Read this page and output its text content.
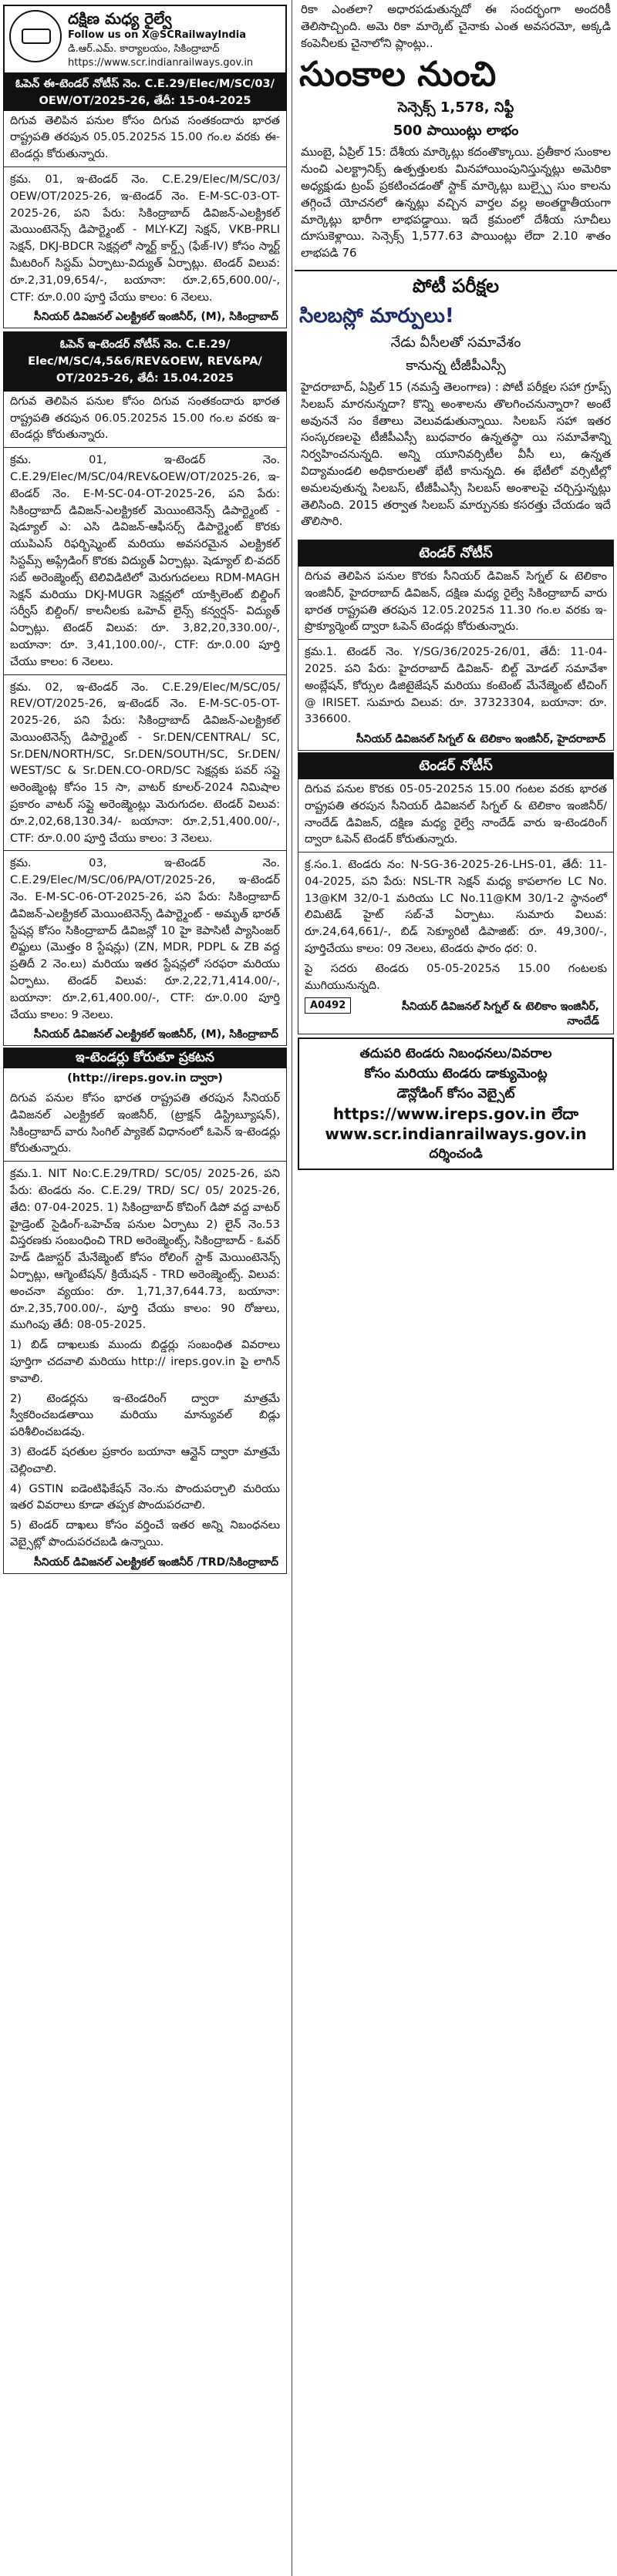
దక్షిణ మధ్య రైల్వే
Follow us on X@SCRailwayIndia
డి.ఆర్.ఎమ్. కార్యాలయం, సికింద్రాబాద్
https://www.scr.indianrailways.gov.in
ఓపెన్ ఈ-టెండర్ నోటీస్ నెం. C.E.29/Elec/M/SC/03/ OEW/OT/2025-26, తేదీ: 15-04-2025
దిగువ తెలిపిన పనుల కోసం దిగువ సంతకందారు భారత రాష్ట్రపతి తరపున 05.05.2025న 15.00 గం.ల వరకు ఈ-టెండర్లు కోరుతున్నారు.
క్రమ. 01, ఇ-టెండర్ నెం. C.E.29/Elec/M/SC/03/ OEW/OT/2025-26, ఇ-టెండర్ నెం. E-M-SC-03-OT-2025-26, పని పేరు: సికింద్రాబాద్ డివిజన్-ఎలక్ట్రికల్ మెయింటెనెన్స్ డిపార్ట్మెంట్ - MLY-KZJ సెక్షన్, VKB-PRLI సెక్షన్, DKJ-BDCR సెక్షన్లలో స్మార్ట్ కార్డ్స్ (ఫేజ్-IV) కోసం స్మార్ట్ మీటరింగ్ సిస్టమ్ ఏర్పాటు-విద్యుత్ ఏర్పాట్లు. టెండర్ విలువ: రూ.2,31,09,654/-, బయానా: రూ.2,65,600.00/-, CTF: రూ.0.00 పూర్తి చేయు కాలం: 6 నెలలు.
సీనియర్ డివిజనల్ ఎలక్ట్రికల్ ఇంజినీర్, (M), సికింద్రాబాద్
ఓపెన్ ఇ-టెండర్ నోటీస్ నెం. C.E.29/ Elec/M/SC/4,5&6/REV&OEW, REV&PA/ OT/2025-26, తేదీ: 15.04.2025
దిగువ తెలిపిన పనుల కోసం దిగువ సంతకందారు భారత రాష్ట్రపతి తరపున 06.05.2025న 15.00 గం.ల వరకు ఇ-టెండర్లు కోరుతున్నారు.
క్రమ. 01, ఇ-టెండర్ నెం. C.E.29/Elec/M/SC/04/REV&OEW/OT/2025-26, ఇ-టెండర్ నెం. E-M-SC-04-OT-2025-26, పని పేరు: సికింద్రాబాద్ డివిజన్-ఎలక్ట్రికల్ మెయింటెనెన్స్ డిపార్ట్మెంట్ - షెడ్యూల్ ఎ: ఎసి డివిజన్-ఆఫీసర్స్ డిపార్ట్మెంట్ కొరకు యుపిఎస్ రిఫర్బిష్మెంట్ మరియు అవసరమైన ఎలక్ట్రికల్ సిస్టమ్స్ అప్గ్రేడింగ్ కొరకు విద్యుత్ ఏర్పాట్లు. షెడ్యూల్ బి-వదర్ సబ్ అరెంజ్మెంట్స్ టెలివిడిటిలో మెరుగుదలలు RDM-MAGH సెక్షన్ మరియు DKJ-MUGR సెక్షన్లలో యాక్సిలెంట్ బిల్డింగ్ సర్వీస్ బిల్డింగ్/ కాలనీలకు ఒహెచ్ లైన్స్ కన్వర్షన్- విద్యుత్ ఏర్పాట్లు. టెండర్ విలువ: రూ. 3,82,20,330.00/-, బయానా: రూ. 3,41,100.00/-, CTF: రూ.0.00 పూర్తి చేయు కాలం: 6 నెలలు.
క్రమ. 02, ఇ-టెండర్ నెం. C.E.29/Elec/M/SC/05/ REV/OT/2025-26, ఇ-టెండర్ నెం. E-M-SC-05-OT-2025-26, పని పేరు: సికింద్రాబాద్ డివిజన్-ఎలక్ట్రికల్ మెయింటెనెన్స్ డిపార్ట్మెంట్ - Sr.DEN/CENTRAL/ SC, Sr.DEN/NORTH/SC, Sr.DEN/SOUTH/SC, Sr.DEN/ WEST/SC & Sr.DEN.CO-ORD/SC సెక్షన్లకు పవర్ సప్లై అరెంజ్మెంట్ల కోసం 15 సా, వాటర్ కూలర్-2024 నిమిషాల ప్రకారం వాటర్ సప్లై అరెంజ్మెంట్లు మెరుగుదల. టెండర్ విలువ: రూ.2,02,68,130.34/- బయానా: రూ.2,51,400.00/-, CTF: రూ.0.00 పూర్తి చేయు కాలం: 3 నెలలు.
క్రమ. 03, ఇ-టెండర్ నెం. C.E.29/Elec/M/SC/06/PA/OT/2025-26, ఇ-టెండర్ నెం. E-M-SC-06-OT-2025-26, పని పేరు: సికింద్రాబాద్ డివిజన్-ఎలక్ట్రికల్ మెయింటెనెన్స్ డిపార్ట్మెంట్ - అమృత్ భారత్ స్టేషన్ల కోసం సికింద్రాబాద్ డివిజన్లో 10 హై కెపాసిటీ ప్యాసింజర్ లిఫ్టులు (మొత్తం 8 స్టేషన్లు) (ZN, MDR, PDPL & ZB వద్ద ప్రతిదీ 2 నెం.లు) మరియు ఇతర స్టేషన్లలో సరఫరా మరియు ఏర్పాటు. టెండర్ విలువ: రూ.2,22,71,414.00/-, బయానా: రూ.2,61,400.00/-, CTF: రూ.0.00 పూర్తి చేయు కాలం: 9 నెలలు.
సీనియర్ డివిజనల్ ఎలక్ట్రికల్ ఇంజినీర్, (M), సికింద్రాబాద్
ఇ-టెండర్లు కోరుతూ ప్రకటన
(http://ireps.gov.in ద్వారా)
దిగువ పనుల కోసం భారత రాష్ట్రపతి తరపున సీనియర్ డివిజనల్ ఎలక్ట్రికల్ ఇంజినీర్, (ట్రాక్షన్ డిస్ట్రిబ్యూషన్), సికింద్రాబాద్ వారు సింగిల్ ప్యాకెట్ విధానంలో ఓపెన్ ఇ-టెండర్లు కోరుతున్నారు.
క్రమ.1. NIT No:C.E.29/TRD/ SC/05/ 2025-26, పని పేరు: టెండరు నం. C.E.29/ TRD/ SC/ 05/ 2025-26, తేది: 07-04-2025. 1) సికింద్రాబాద్ కోచింగ్ డిపో వద్ద వాటర్ హైడ్రెంట్ సైడింగ్-ఒహెచ్ఇ పనుల ఏర్పాటు 2) లైన్ నెం.53 విస్తరణకు సంబంధించి TRD అరెంజ్మెంట్స్, సికింద్రాబాద్ - ఓవర్ హెడ్ డిజాస్టర్ మేనేజ్మెంట్ కోసం రోలింగ్ స్టాక్ మెయింటెనెన్స్ ఏర్పాట్లు, ఆగ్మెంటేషన్/ క్రియేషన్ - TRD అరెంజ్మెంట్స్. విలువ: అంచనా వ్యయం: రూ. 1,71,37,644.73, బయానా: రూ.2,35,700.00/-, పూర్తి చేయు కాలం: 90 రోజులు, ముగింపు తేదీ: 08-05-2025.
1) బిడ్ దాఖలుకు ముందు బిడ్డర్లు సంబంధిత వివరాలు పూర్తిగా చదవాలి మరియు http:// ireps.gov.in పై లాగిన్ కావాలి.
2) టెండర్లను ఇ-టెండరింగ్ ద్వారా మాత్రమే స్వీకరించబడతాయి మరియు మాన్యువల్ బిడ్లు పరిశీలించబడవు.
3) టెండర్ షరతుల ప్రకారం బయానా ఆన్లైన్ ద్వారా మాత్రమే చెల్లించాలి.
4) GSTIN ఐడెంటిఫికేషన్ నెం.ను పొందుపర్చాలి మరియు ఇతర వివరాలు కూడా తప్పక పొందుపరచాలి.
5) టెండర్ దాఖలు కోసం వర్తించే ఇతర అన్ని నిబంధనలు వెబ్సైట్లో పొందుపరచబడి ఉన్నాయి.
సీనియర్ డివిజనల్ ఎలక్ట్రికల్ ఇంజినీర్ /TRD/సికింద్రాబాద్
రికా ఎంతలా? అధారపడుతున్నదో ఈ సందర్భంగా అందరికీ తెలిసొచ్చింది. అమె రికా మార్కెట్ చైనాకు ఎంత అవసరమో, అక్కడి కంపెనీలకు చైనాలోని ప్లాంట్లు..
సుంకాల నుంచి
సెన్సెక్స్ 1,578, నిఫ్టీ
500 పాయింట్లు లాభం
ముంబై, ఏప్రిల్ 15: దేశీయ మార్కెట్లు కదంతొక్కాయి. ప్రతీకార సుంకాల నుంచి ఎలక్ట్రానిక్స్ ఉత్పత్తులకు మినహాయింపునిస్తున్నట్లు అమెరికా అధ్యక్షుడు ట్రంప్ ప్రకటించడంతో స్టాక్ మార్కెట్లు బుల్స్పై సుం కాలను తగ్గించే యోచనలో ఉన్నట్లు వచ్చిన వార్తల వల్ల అంతర్జాతీయంగా మార్కెట్లు భారీగా లాభపడ్డాయి. ఇదే క్రమంలో దేశీయ సూచీలు దూసుకెళ్లాయి. సెన్సెక్స్ 1,577.63 పాయింట్లు లేదా 2.10 శాతం లాభపడి 76
పోటీ పరీక్షల
సిలబస్లో మార్పులు!
నేడు వీసీలతో సమావేశం
కానున్న టీజీపీఎస్సీ
హైదరాబాద్, ఏప్రిల్ 15 (నమస్తే తెలంగాణ) : పోటీ పరీక్షల సహా గ్రూప్స్ సిలబస్ మారనున్నదా? కొన్ని అంశాలను తొలగించనున్నారా? అంటే అవుననే సం కేతాలు వెలువడుతున్నాయి. సిలబస్ సహా ఇతర సంస్కరణలపై టీజీపీఎస్సీ బుధవారం ఉన్నతస్థా యి సమావేశాన్ని నిర్వహించనున్నది. అన్ని యూనివర్సిటీల వీసీ లు, ఉన్నత విద్యామండలి అధికారులతో భేటీ కానున్నది. ఈ భేటీలో వర్సిటీల్లో అమలవుతున్న సిలబస్, టీజీపీఎస్సీ సిలబస్ అంశాలపై చర్చిస్తున్నట్లు తెలిసింది. 2015 తర్వాత సిలబస్ మార్పునకు కసరత్తు చేయడం ఇదే తొలిసారి.
టెండర్ నోటీస్
దిగువ తెలిపిన పనుల కొరకు సీనియర్ డివిజన్ సిగ్నల్ & టెలికాం ఇంజినీర్, హైదరాబాద్ డివిజన్, దక్షిణ మధ్య రైల్వే సికింద్రాబాద్ వారు భారత రాష్ట్రపతి తరపున 12.05.2025న 11.30 గం.ల వరకు ఇ-ప్రొక్యూర్మెంట్ ద్వారా ఓపెన్ టెండర్లు కోరుతున్నారు.
క్రమ.1. టెండర్ నెం. Y/SG/36/2025-26/01, తేదీ: 11-04-2025. పని పేరు: హైదరాబాద్ డివిజన్- బిల్ట్ మోడల్ సమావేశా అంబ్లేషన్, కోర్సుల డిజిటైజేషన్ మరియు కంటెంట్ మేనేజ్మెంట్ టీచింగ్ @ IRISET. సుమారు విలువ: రూ. 37323304, బయానా: రూ. 336600.
సీనియర్ డివిజనల్ సిగ్నల్ & టెలికాం ఇంజినీర్, హైదరాబాద్
టెండర్ నోటీస్
దిగువ పనుల కొరకు 05-05-2025న 15.00 గంటల వరకు భారత రాష్ట్రపతి తరపున సీనియర్ డివిజనల్ సిగ్నల్ & టెలికాం ఇంజినీర్/నాందేడ్ డివిజన్, దక్షిణ మధ్య రైల్వే నాందేడ్ వారు ఇ-టెండరింగ్ ద్వారా ఓపెన్ టెండర్ కోరుతున్నారు.
క్ర.సం.1. టెండరు నం: N-SG-36-2025-26-LHS-01, తేదీ: 11-04-2025, పని పేరు: NSL-TR సెక్షన్ మధ్య కాపలాగల LC No. 13@KM 32/0-1 మరియు LC No.11@KM 30/1-2 స్థానంలో లిమిటెడ్ హైట్ సబ్-వే ఏర్పాటు. సుమారు విలువ: రూ.24,64,661/-, బిడ్ సెక్యూరిటీ డిపాజిట్: రూ. 49,300/-, పూర్తిచేయు కాలం: 09 నెలలు, టెండరు ఫారం ధర: 0.
పై సదరు టెండరు 05-05-2025న 15.00 గంటలకు ముగియునున్నది.
A0492	సీనియర్ డివిజనల్ సిగ్నల్ & టెలికాం ఇంజినీర్, నాందేడ్
తదుపరి టెండరు నిబంధనలు/వివరాల
కోసం మరియు టెండరు డాక్యుమెంట్ల
డౌన్లోడింగ్ కోసం వెబ్సైట్
https://www.ireps.gov.in లేదా
www.scr.indianrailways.gov.in
దర్శించండి
